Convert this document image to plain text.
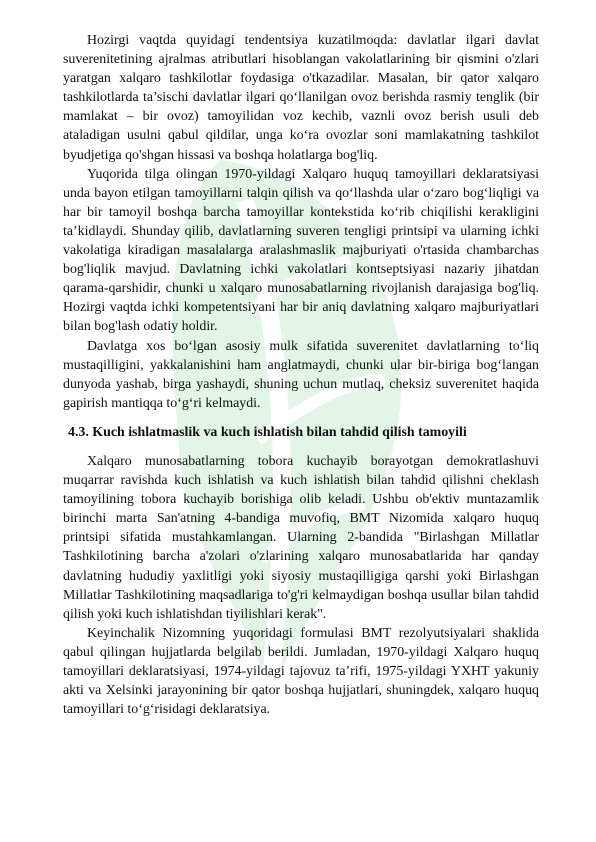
Hozirgi vaqtda quyidagi tendentsiya kuzatilmoqda: davlatlar ilgari davlat suverenitetining ajralmas atributlari hisoblangan vakolatlarining bir qismini o'zlari yaratgan xalqaro tashkilotlar foydasiga o'tkazadilar. Masalan, bir qator xalqaro tashkilotlarda ta’sischi davlatlar ilgari qo‘llanilgan ovoz berishda rasmiy tenglik (bir mamlakat – bir ovoz) tamoyilidan voz kechib, vaznli ovoz berish usuli deb ataladigan usulni qabul qildilar, unga ko‘ra ovozlar soni mamlakatning tashkilot byudjetiga qo'shgan hissasi va boshqa holatlarga bog'liq.

Yuqorida tilga olingan 1970-yildagi Xalqaro huquq tamoyillari deklaratsiyasi unda bayon etilgan tamoyillarni talqin qilish va qo‘llashda ular o‘zaro bog‘liqligi va har bir tamoyil boshqa barcha tamoyillar kontekstida ko‘rib chiqilishi kerakligini ta’kidlaydi. Shunday qilib, davlatlarning suveren tengligi printsipi va ularning ichki vakolatiga kiradigan masalalarga aralashmaslik majburiyati o'rtasida chambarchas bog'liqlik mavjud. Davlatning ichki vakolatlari kontseptsiyasi nazariy jihatdan qarama-qarshidir, chunki u xalqaro munosabatlarning rivojlanish darajasiga bog'liq. Hozirgi vaqtda ichki kompetentsiyani har bir aniq davlatning xalqaro majburiyatlari bilan bog'lash odatiy holdir.

Davlatga xos bo‘lgan asosiy mulk sifatida suverenitet davlatlarning to‘liq mustaqilligini, yakkalanishini ham anglatmaydi, chunki ular bir-biriga bog‘langan dunyoda yashab, birga yashaydi, shuning uchun mutlaq, cheksiz suverenitet haqida gapirish mantiqqa to‘g‘ri kelmaydi.

4.3. Kuch ishlatmaslik va kuch ishlatish bilan tahdid qilish tamoyili

Xalqaro munosabatlarning tobora kuchayib borayotgan demokratlashuvi muqarrar ravishda kuch ishlatish va kuch ishlatish bilan tahdid qilishni cheklash tamoyilining tobora kuchayib borishiga olib keladi. Ushbu ob'ektiv muntazamlik birinchi marta San'atning 4-bandiga muvofiq, BMT Nizomida xalqaro huquq printsipi sifatida mustahkamlangan. Ularning 2-bandida "Birlashgan Millatlar Tashkilotining barcha a'zolari o'zlarining xalqaro munosabatlarida har qanday davlatning hududiy yaxlitligi yoki siyosiy mustaqilligiga qarshi yoki Birlashgan Millatlar Tashkilotining maqsadlariga to'g'ri kelmaydigan boshqa usullar bilan tahdid qilish yoki kuch ishlatishdan tiyilishlari kerak".

Keyinchalik Nizomning yuqoridagi formulasi BMT rezolyutsiyalari shaklida qabul qilingan hujjatlarda belgilab berildi. Jumladan, 1970-yildagi Xalqaro huquq tamoyillari deklaratsiyasi, 1974-yildagi tajovuz ta’rifi, 1975-yildagi YXHT yakuniy akti va Xelsinki jarayonining bir qator boshqa hujjatlari, shuningdek, xalqaro huquq tamoyillari to‘g‘risidagi deklaratsiya.
